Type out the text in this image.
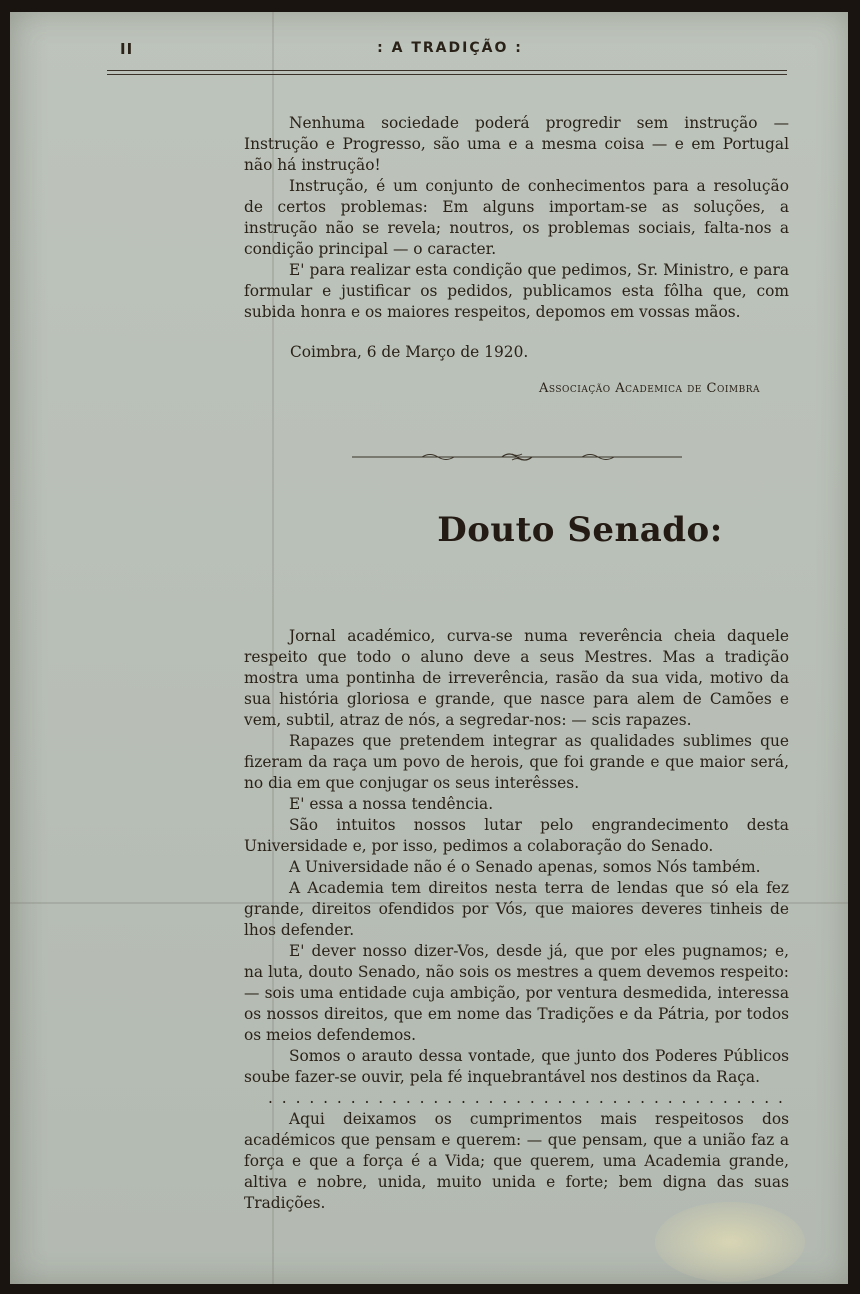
II	: A TRADIÇÃO :

Nenhuma sociedade poderá progredir sem instrução — Instrução e Progresso, são uma e a mesma coisa — e em Portugal não há instrução!

Instrução, é um conjunto de conhecimentos para a resolução de certos problemas: Em alguns importam-se as soluções, a instrução não se revela; noutros, os problemas sociais, falta-nos a condição principal — o caracter.

E' para realizar esta condição que pedimos, Sr. Ministro, e para formular e justificar os pedidos, publicamos esta fôlha que, com subida honra e os maiores respeitos, depomos em vossas mãos.

Coimbra, 6 de Março de 1920.
Associação Academica de Coimbra
Douto Senado:

Jornal académico, curva-se numa reverência cheia daquele respeito que todo o aluno deve a seus Mestres. Mas a tradição mostra uma pontinha de irreverência, rasão da sua vida, motivo da sua história gloriosa e grande, que nasce para alem de Camões e vem, subtil, atraz de nós, a segredar-nos: — scis rapazes.

Rapazes que pretendem integrar as qualidades sublimes que fizeram da raça um povo de herois, que foi grande e que maior será, no dia em que conjugar os seus interêsses.

E' essa a nossa tendência.

São intuitos nossos lutar pelo engrandecimento desta Universidade e, por isso, pedimos a colaboração do Senado.

A Universidade não é o Senado apenas, somos Nós também.

A Academia tem direitos nesta terra de lendas que só ela fez grande, direitos ofendidos por Vós, que maiores deveres tinheis de lhos defender.

E' dever nosso dizer-Vos, desde já, que por eles pugnamos; e, na luta, douto Senado, não sois os mestres a quem devemos respeito: — sois uma entidade cuja ambição, por ventura desmedida, interessa os nossos direitos, que em nome das Tradições e da Pátria, por todos os meios defendemos.

Somos o arauto dessa vontade, que junto dos Poderes Públicos soube fazer-se ouvir, pela fé inquebrantável nos destinos da Raça.

. . .

Aqui deixamos os cumprimentos mais respeitosos dos académicos que pensam e querem: — que pensam, que a união faz a força e que a força é a Vida; que querem, uma Academia grande, altiva e nobre, unida, muito unida e forte; bem digna das suas Tradições.
